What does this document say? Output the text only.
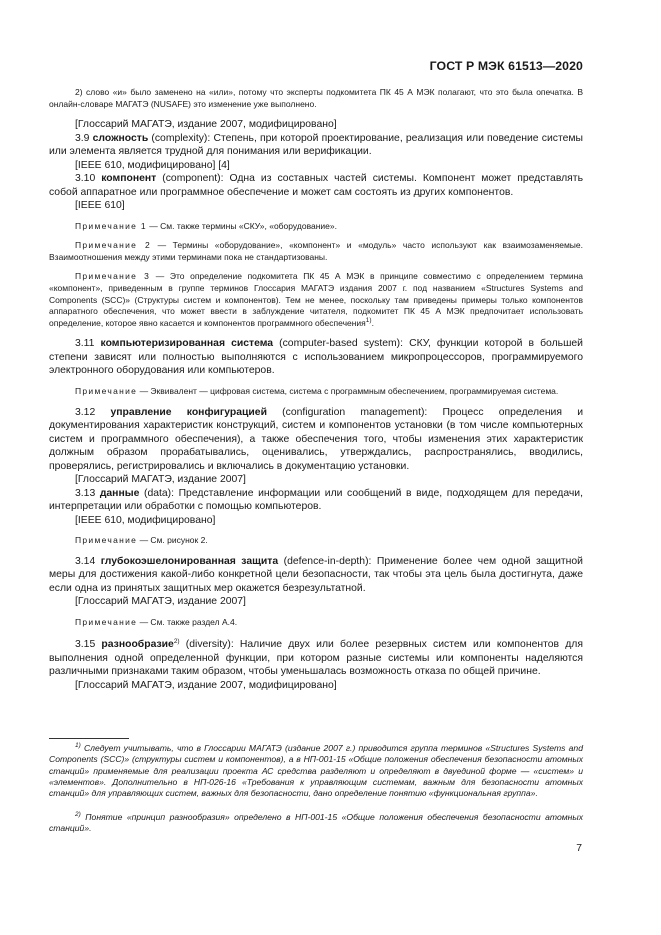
ГОСТ Р МЭК 61513—2020

2) слово «и» было заменено на «или», потому что эксперты подкомитета ПК 45 А МЭК полагают, что это была опечатка. В онлайн-словаре МАГАТЭ (NUSAFE) это изменение уже выполнено.

[Глоссарий МАГАТЭ, издание 2007, модифицировано]

3.9 сложность (complexity): Степень, при которой проектирование, реализация или поведение системы или элемента является трудной для понимания или верификации.

[IEEE 610, модифицировано] [4]

3.10 компонент (component): Одна из составных частей системы. Компонент может представлять собой аппаратное или программное обеспечение и может сам состоять из других компонентов.

[IEEE 610]

Примечание 1 — См. также термины «СКУ», «оборудование».

Примечание 2 — Термины «оборудование», «компонент» и «модуль» часто используют как взаимозаменяемые. Взаимоотношения между этими терминами пока не стандартизованы.

Примечание 3 — Это определение подкомитета ПК 45 А МЭК в принципе совместимо с определением термина «компонент», приведенным в группе терминов Глоссария МАГАТЭ издания 2007 г. под названием «Structures Systems and Components (SCC)» (Структуры систем и компонентов). Тем не менее, поскольку там приведены примеры только компонентов аппаратного обеспечения, что может ввести в заблуждение читателя, подкомитет ПК 45 А МЭК предпочитает использовать определение, которое явно касается и компонентов программного обеспечения$^{1)}$.

3.11 компьютеризированная система (computer-based system): СКУ, функции которой в большей степени зависят или полностью выполняются с использованием микропроцессоров, программируемого электронного оборудования или компьютеров.

Примечание — Эквивалент — цифровая система, система с программным обеспечением, программируемая система.

3.12 управление конфигурацией (configuration management): Процесс определения и документирования характеристик конструкций, систем и компонентов установки (в том числе компьютерных систем и программного обеспечения), а также обеспечения того, чтобы изменения этих характеристик должным образом прорабатывались, оценивались, утверждались, распространялись, вводились, проверялись, регистрировались и включались в документацию установки.

[Глоссарий МАГАТЭ, издание 2007]

3.13 данные (data): Представление информации или сообщений в виде, подходящем для передачи, интерпретации или обработки с помощью компьютеров.

[IEEE 610, модифицировано]

Примечание — См. рисунок 2.

3.14 глубокоэшелонированная защита (defence-in-depth): Применение более чем одной защитной меры для достижения какой-либо конкретной цели безопасности, так чтобы эта цель была достигнута, даже если одна из принятых защитных мер окажется безрезультатной.

[Глоссарий МАГАТЭ, издание 2007]

Примечание — См. также раздел А.4.

3.15 разнообразие$^{2)}$ (diversity): Наличие двух или более резервных систем или компонентов для выполнения одной определенной функции, при котором разные системы или компоненты наделяются различными признаками таким образом, чтобы уменьшалась возможность отказа по общей причине.

[Глоссарий МАГАТЭ, издание 2007, модифицировано]

$^{1)}$ Следует учитывать, что в Глоссарии МАГАТЭ (издание 2007 г.) приводится группа терминов «Structures Systems and Components (SCC)» (структуры систем и компонентов), а в НП-001-15 «Общие положения обеспечения безопасности атомных станций» применяемые для реализации проекта АС средства разделяют и определяют в двуединой форме — «систем» и «элементов». Дополнительно в НП-026-16 «Требования к управляющим системам, важным для безопасности атомных станций» для управляющих систем, важных для безопасности, дано определение понятию «функциональная группа».

$^{2)}$ Понятие «принцип разнообразия» определено в НП-001-15 «Общие положения обеспечения безопасности атомных станций».

7
